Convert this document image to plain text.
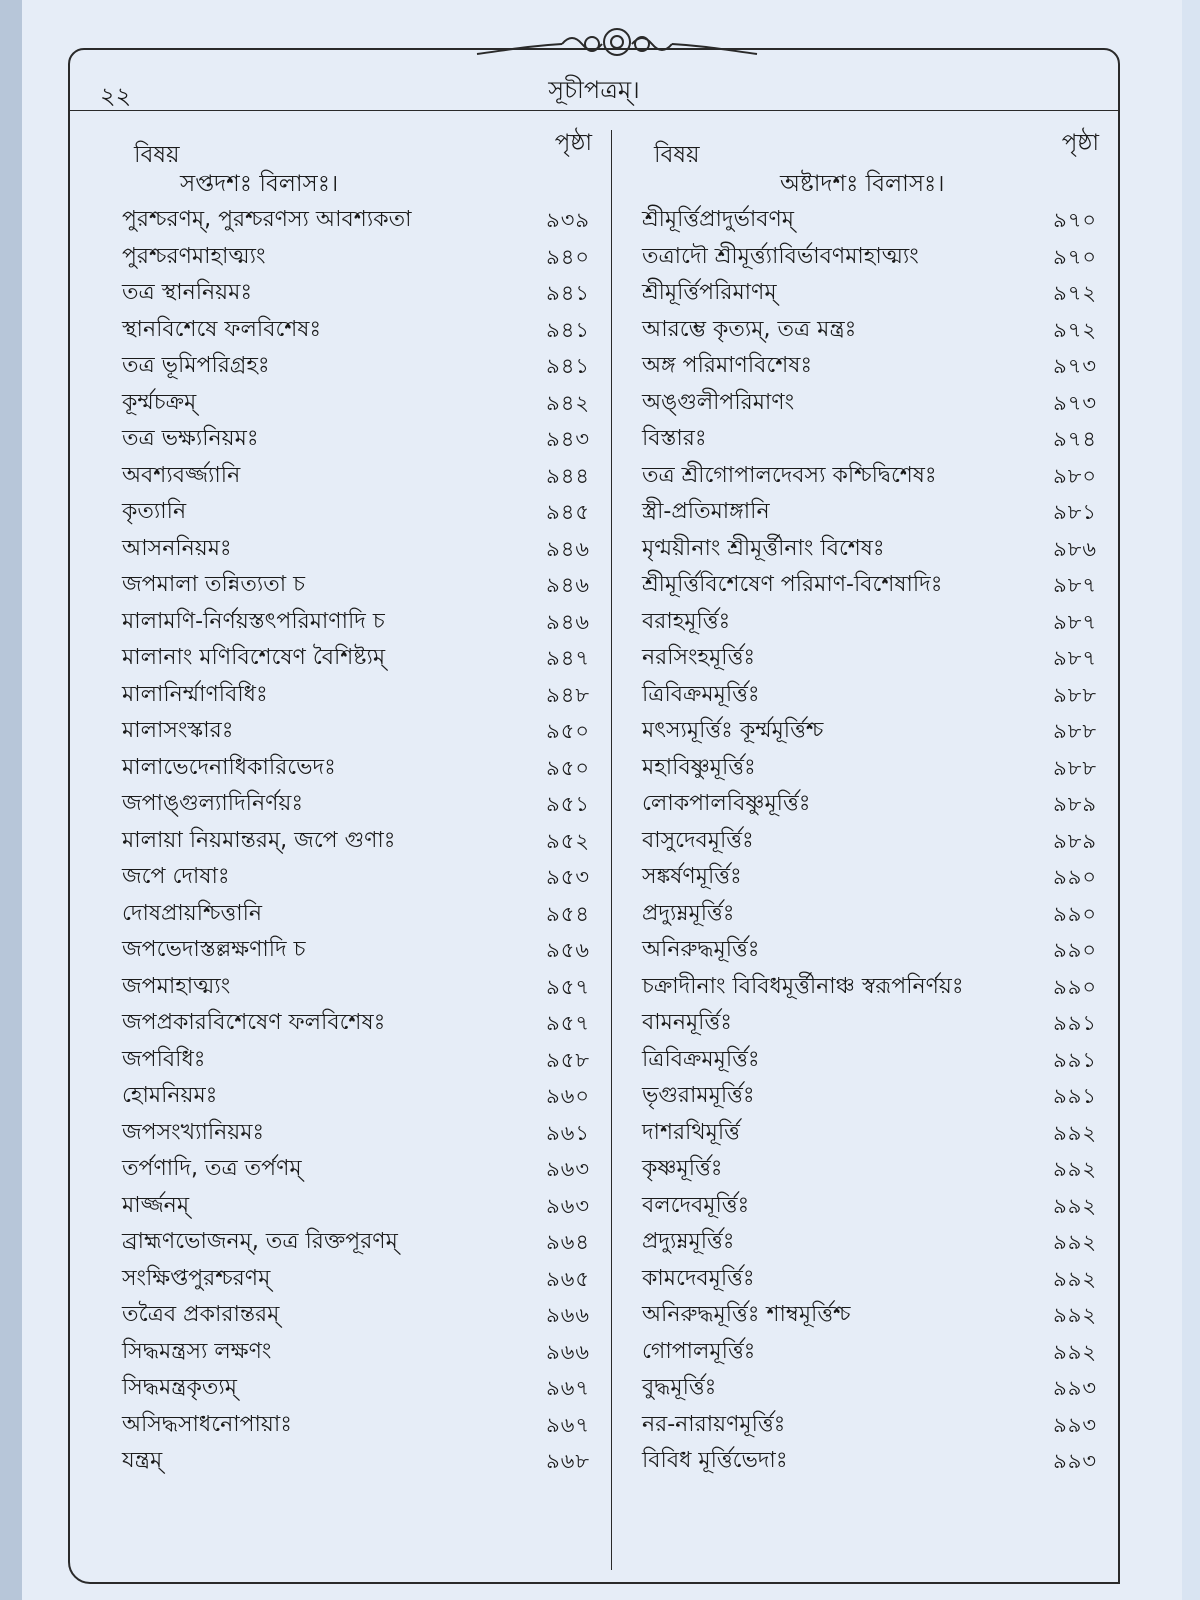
২২	সূচীপত্রম্।
বিষয়	পৃষ্ঠা
সপ্তদশঃ বিলাসঃ।
পুরশ্চরণম্, পুরশ্চরণস্য আবশ্যকতা	৯৩৯
পুরশ্চরণমাহাত্ম্যং	৯৪০
তত্র স্থাননিয়মঃ	৯৪১
স্থানবিশেষে ফলবিশেষঃ	৯৪১
তত্র ভূমিপরিগ্রহঃ	৯৪১
কূর্ম্মচক্রম্	৯৪২
তত্র ভক্ষ্যনিয়মঃ	৯৪৩
অবশ্যবর্জ্জ্যানি	৯৪৪
কৃত্যানি	৯৪৫
আসননিয়মঃ	৯৪৬
জপমালা তন্নিত্যতা চ	৯৪৬
মালামণি-নির্ণয়স্তৎপরিমাণাদি চ	৯৪৬
মালানাং মণিবিশেষেণ বৈশিষ্ট্যম্	৯৪৭
মালানির্ম্মাণবিধিঃ	৯৪৮
মালাসংস্কারঃ	৯৫০
মালাভেদেনাধিকারিভেদঃ	৯৫০
জপাঙ্গুল্যাদিনির্ণয়ঃ	৯৫১
মালায়া নিয়মান্তরম্, জপে গুণাঃ	৯৫২
জপে দোষাঃ	৯৫৩
দোষপ্রায়শ্চিত্তানি	৯৫৪
জপভেদাস্তল্লক্ষণাদি চ	৯৫৬
জপমাহাত্ম্যং	৯৫৭
জপপ্রকারবিশেষেণ ফলবিশেষঃ	৯৫৭
জপবিধিঃ	৯৫৮
হোমনিয়মঃ	৯৬০
জপসংখ্যানিয়মঃ	৯৬১
তর্পণাদি, তত্র তর্পণম্	৯৬৩
মার্জ্জনম্	৯৬৩
ব্রাহ্মণভোজনম্, তত্র রিক্তপূরণম্	৯৬৪
সংক্ষিপ্তপুরশ্চরণম্	৯৬৫
তত্রৈব প্রকারান্তরম্	৯৬৬
সিদ্ধমন্ত্রস্য লক্ষণং	৯৬৬
সিদ্ধমন্ত্রকৃত্যম্	৯৬৭
অসিদ্ধসাধনোপায়াঃ	৯৬৭
যন্ত্রম্	৯৬৮
বিষয়	পৃষ্ঠা
অষ্টাদশঃ বিলাসঃ।
শ্রীমূর্ত্তিপ্রাদুর্ভাবণম্	৯৭০
তত্রাদৌ শ্রীমূর্ত্ত্যাবির্ভাবণমাহাত্ম্যং	৯৭০
শ্রীমূর্ত্তিপরিমাণম্	৯৭২
আরম্ভে কৃত্যম্, তত্র মন্ত্রঃ	৯৭২
অঙ্গ পরিমাণবিশেষঃ	৯৭৩
অঙ্গুলীপরিমাণং	৯৭৩
বিস্তারঃ	৯৭৪
তত্র শ্রীগোপালদেবস্য কশ্চিদ্বিশেষঃ	৯৮০
স্ত্রী-প্রতিমাঙ্গানি	৯৮১
মৃণ্ময়ীনাং শ্রীমূর্ত্তীনাং বিশেষঃ	৯৮৬
শ্রীমূর্ত্তিবিশেষেণ পরিমাণ-বিশেষাদিঃ	৯৮৭
বরাহমূর্ত্তিঃ	৯৮৭
নরসিংহমূর্ত্তিঃ	৯৮৭
ত্রিবিক্রমমূর্ত্তিঃ	৯৮৮
মৎস্যমূর্ত্তিঃ কূর্ম্মমূর্ত্তিশ্চ	৯৮৮
মহাবিষ্ণুমূর্ত্তিঃ	৯৮৮
লোকপালবিষ্ণুমূর্ত্তিঃ	৯৮৯
বাসুদেবমূর্ত্তিঃ	৯৮৯
সঙ্কর্ষণমূর্ত্তিঃ	৯৯০
প্রদ্যুম্নমূর্ত্তিঃ	৯৯০
অনিরুদ্ধমূর্ত্তিঃ	৯৯০
চক্রাদীনাং বিবিধমূর্ত্তীনাঞ্চ স্বরূপনির্ণয়ঃ	৯৯০
বামনমূর্ত্তিঃ	৯৯১
ত্রিবিক্রমমূর্ত্তিঃ	৯৯১
ভৃগুরামমূর্ত্তিঃ	৯৯১
দাশরথিমূর্ত্তি	৯৯২
কৃষ্ণমূর্ত্তিঃ	৯৯২
বলদেবমূর্ত্তিঃ	৯৯২
প্রদ্যুম্নমূর্ত্তিঃ	৯৯২
কামদেবমূর্ত্তিঃ	৯৯২
অনিরুদ্ধমূর্ত্তিঃ শাম্বমূর্ত্তিশ্চ	৯৯২
গোপালমূর্ত্তিঃ	৯৯২
বুদ্ধমূর্ত্তিঃ	৯৯৩
নর-নারায়ণমূর্ত্তিঃ	৯৯৩
বিবিধ মূর্ত্তিভেদাঃ	৯৯৩
